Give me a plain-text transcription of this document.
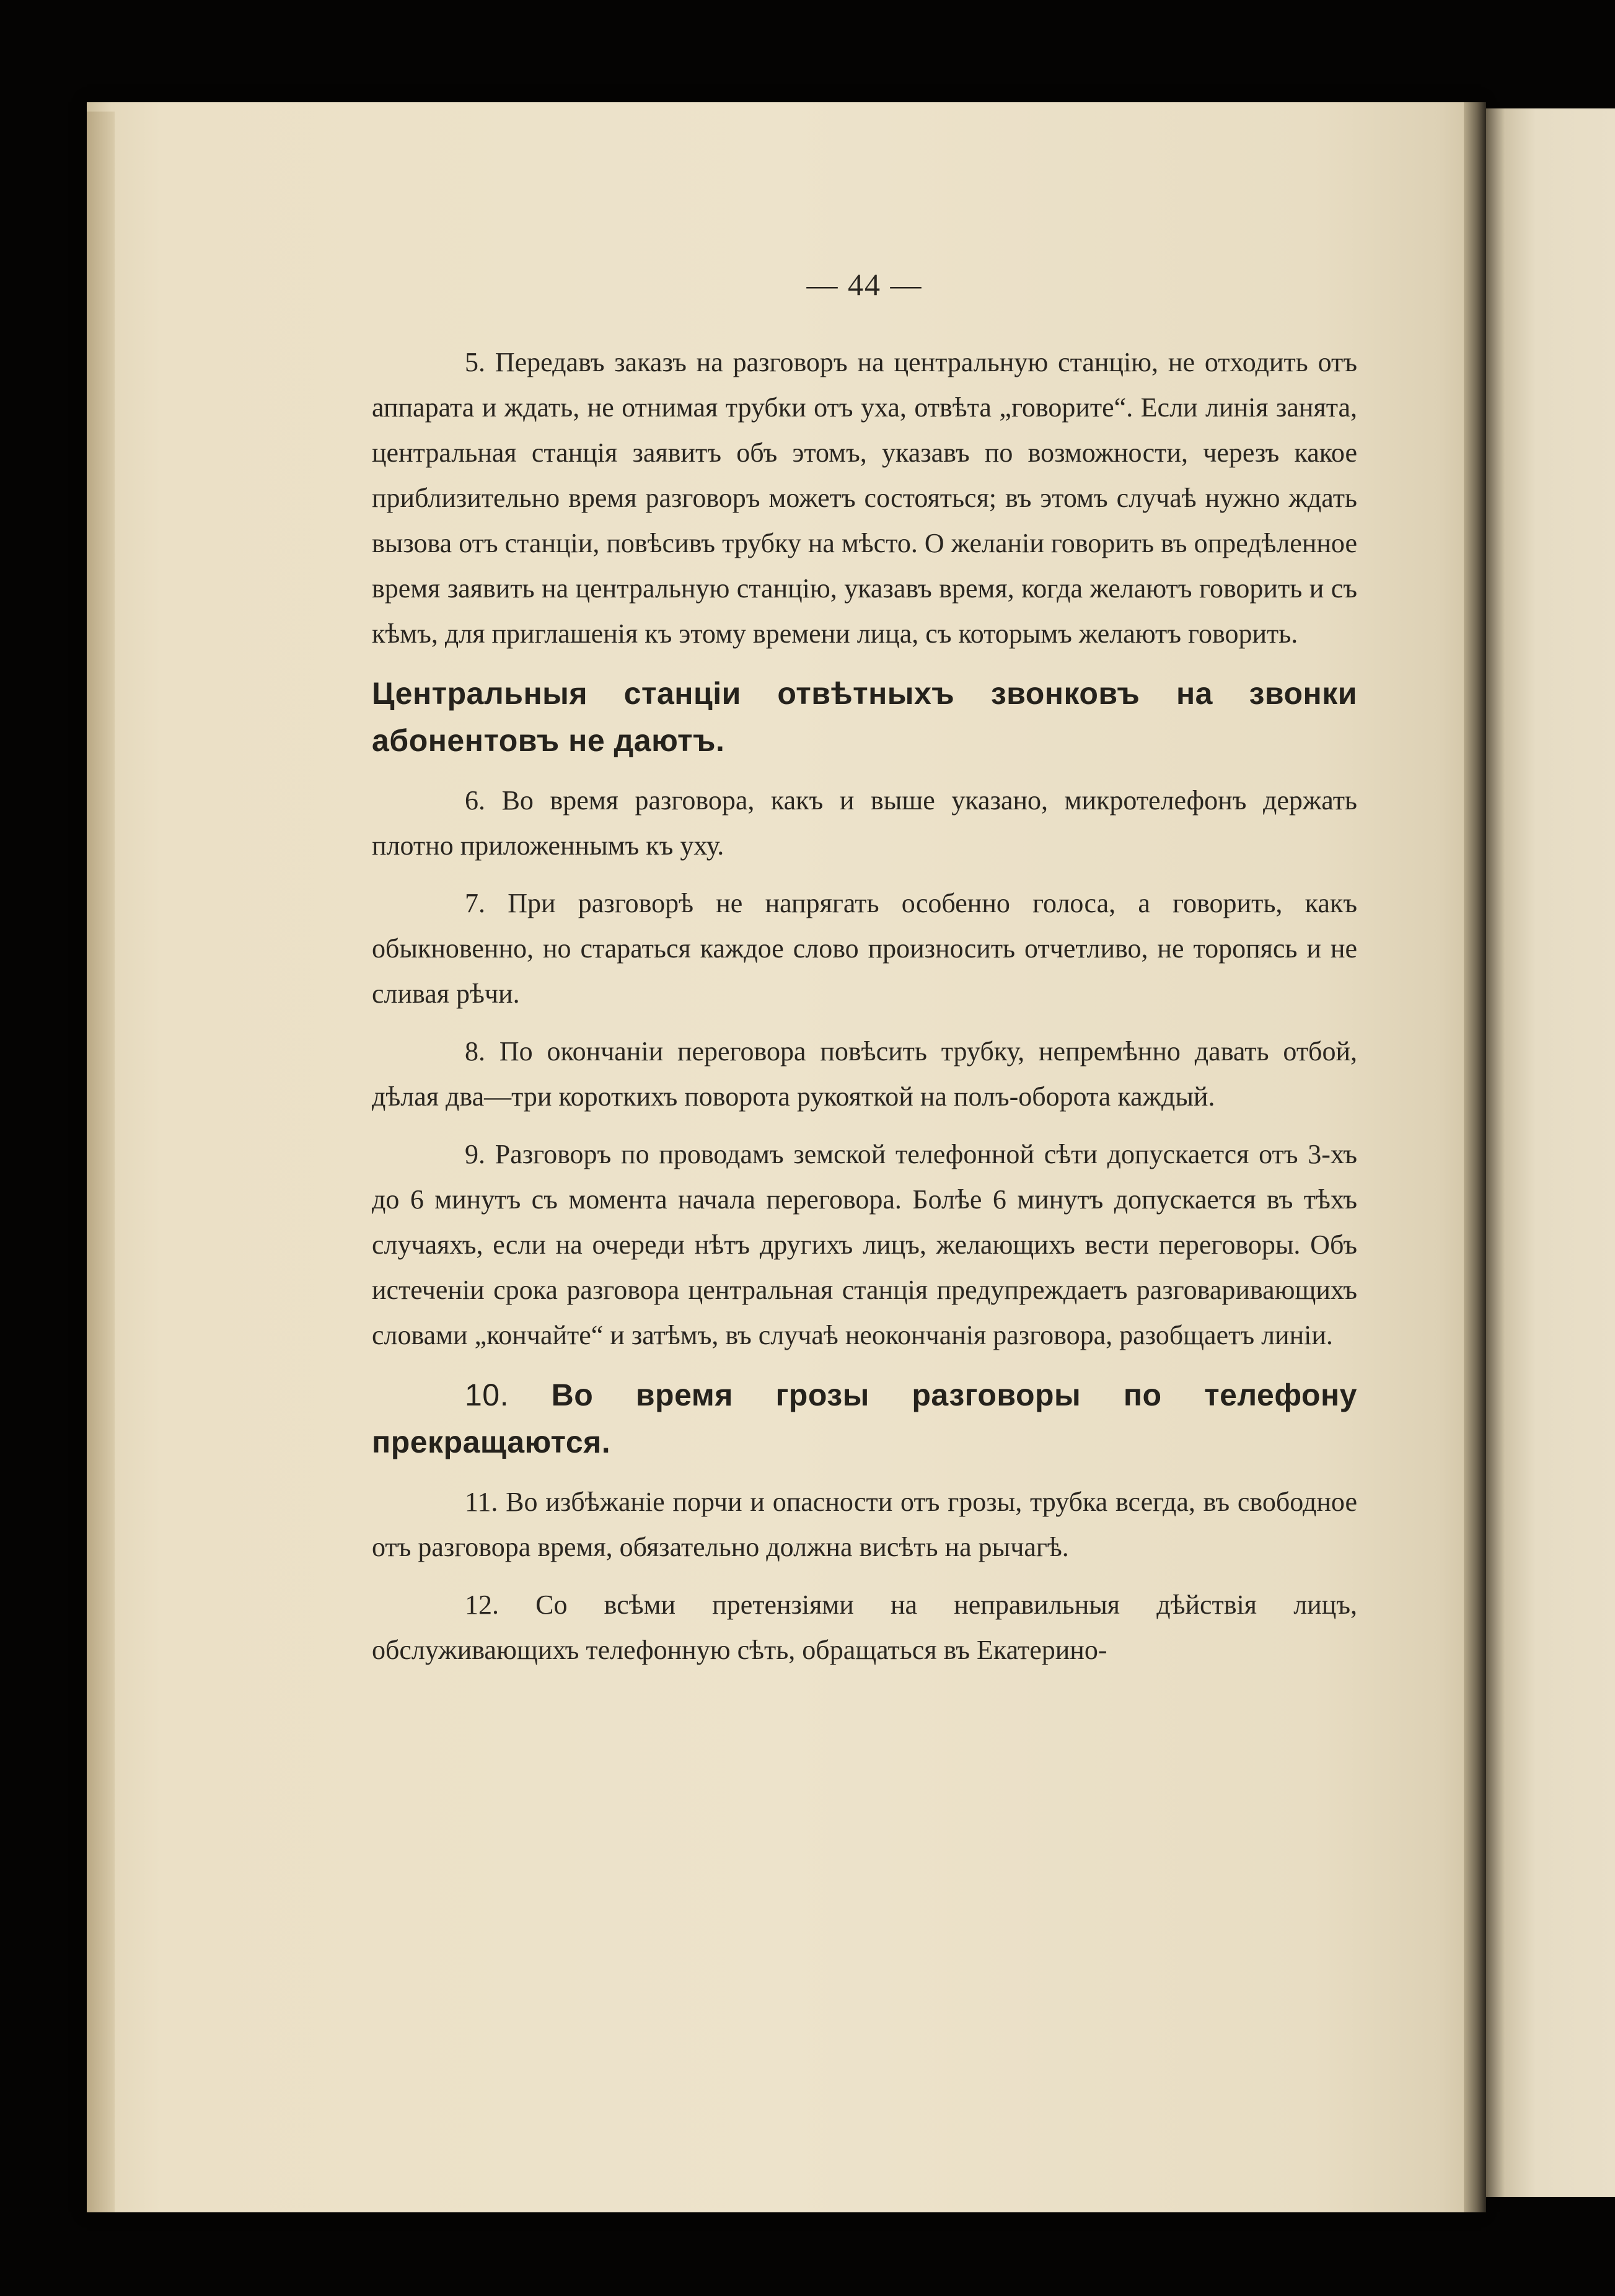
— 44 —

5. Передавъ заказъ на разговоръ на центральную станцію, не отходить отъ аппарата и ждать, не отнимая трубки отъ уха, отвѣта „говорите“. Если линія занята, центральная станція заявитъ объ этомъ, указавъ по возможности, черезъ какое приблизительно время разговоръ можетъ состояться; въ этомъ случаѣ нужно ждать вызова отъ станціи, повѣсивъ трубку на мѣсто. О желаніи говорить въ опредѣленное время заявить на центральную станцію, указавъ время, когда желаютъ говорить и съ кѣмъ, для приглашенія къ этому времени лица, съ которымъ желаютъ говорить.

Центральныя станціи отвѣтныхъ звонковъ на звонки абонентовъ не даютъ.

6. Во время разговора, какъ и выше указано, микротелефонъ держать плотно приложеннымъ къ уху.

7. При разговорѣ не напрягать особенно голоса, а говорить, какъ обыкновенно, но стараться каждое слово произносить отчетливо, не торопясь и не сливая рѣчи.

8. По окончаніи переговора повѣсить трубку, непремѣнно давать отбой, дѣлая два—три короткихъ поворота рукояткой на полъ-оборота каждый.

9. Разговоръ по проводамъ земской телефонной сѣти допускается отъ 3-хъ до 6 минутъ съ момента начала переговора. Болѣе 6 минутъ допускается въ тѣхъ случаяхъ, если на очереди нѣтъ другихъ лицъ, желающихъ вести переговоры. Объ истеченіи срока разговора центральная станція предупреждаетъ разговаривающихъ словами „кончайте“ и затѣмъ, въ случаѣ неокончанія разговора, разобщаетъ линіи.

10. Во время грозы разговоры по телефону прекращаются.

11. Во избѣжаніе порчи и опасности отъ грозы, трубка всегда, въ свободное отъ разговора время, обязательно должна висѣть на рычагѣ.

12. Со всѣми претензіями на неправильныя дѣйствія лицъ, обслуживающихъ телефонную сѣть, обращаться въ Екатерино-
